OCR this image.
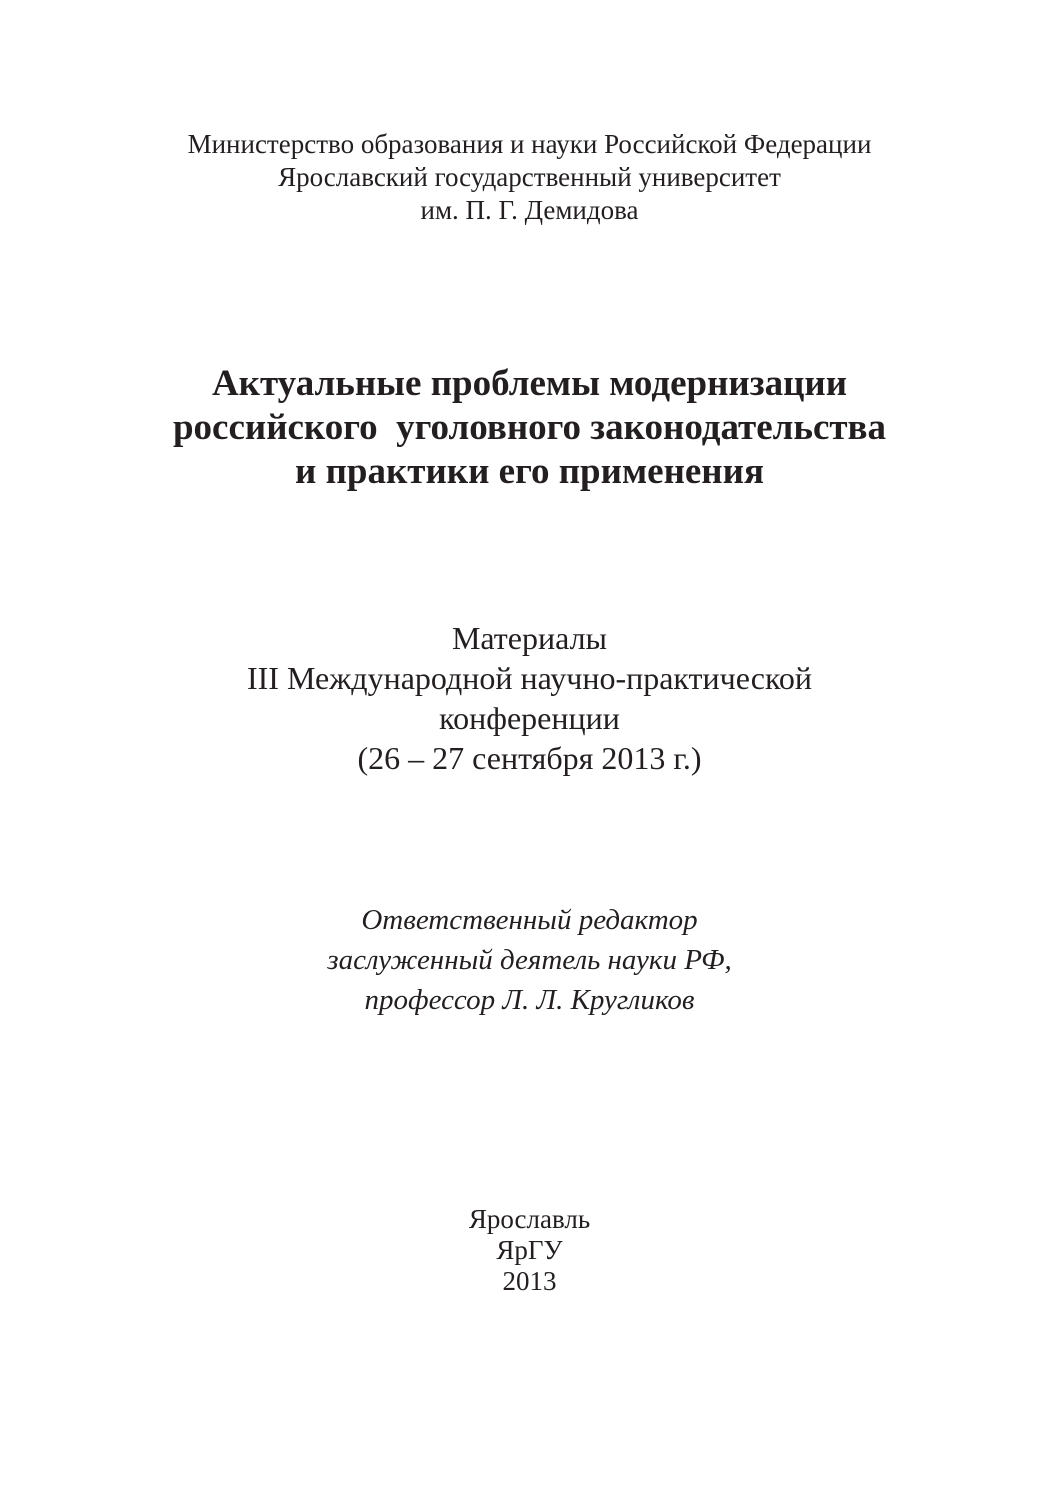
Министерство образования и науки Российской Федерации
Ярославский государственный университет
им. П. Г. Демидова
Актуальные проблемы модернизации
российского  уголовного законодательства
и практики его применения
Материалы
III Международной научно-практической
конференции
(26 – 27 сентября 2013 г.)
Ответственный редактор
заслуженный деятель науки РФ,
профессор Л. Л. Кругликов
Ярославль
ЯрГУ
2013
